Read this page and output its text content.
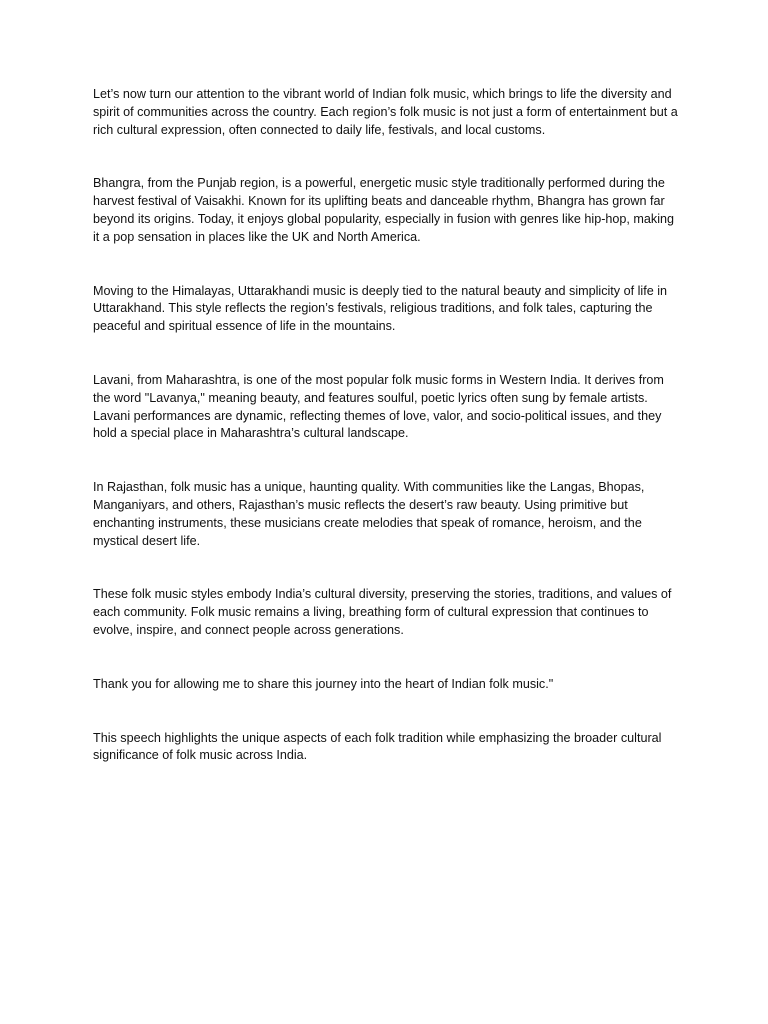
Let’s now turn our attention to the vibrant world of Indian folk music, which brings to life the diversity and spirit of communities across the country. Each region’s folk music is not just a form of entertainment but a rich cultural expression, often connected to daily life, festivals, and local customs.

Bhangra, from the Punjab region, is a powerful, energetic music style traditionally performed during the harvest festival of Vaisakhi. Known for its uplifting beats and danceable rhythm, Bhangra has grown far beyond its origins. Today, it enjoys global popularity, especially in fusion with genres like hip-hop, making it a pop sensation in places like the UK and North America.

Moving to the Himalayas, Uttarakhandi music is deeply tied to the natural beauty and simplicity of life in Uttarakhand. This style reflects the region’s festivals, religious traditions, and folk tales, capturing the peaceful and spiritual essence of life in the mountains.

Lavani, from Maharashtra, is one of the most popular folk music forms in Western India. It derives from the word "Lavanya," meaning beauty, and features soulful, poetic lyrics often sung by female artists. Lavani performances are dynamic, reflecting themes of love, valor, and socio-political issues, and they hold a special place in Maharashtra’s cultural landscape.

In Rajasthan, folk music has a unique, haunting quality. With communities like the Langas, Bhopas, Manganiyars, and others, Rajasthan’s music reflects the desert’s raw beauty. Using primitive but enchanting instruments, these musicians create melodies that speak of romance, heroism, and the mystical desert life.

These folk music styles embody India’s cultural diversity, preserving the stories, traditions, and values of each community. Folk music remains a living, breathing form of cultural expression that continues to evolve, inspire, and connect people across generations.

Thank you for allowing me to share this journey into the heart of Indian folk music."

This speech highlights the unique aspects of each folk tradition while emphasizing the broader cultural significance of folk music across India.
